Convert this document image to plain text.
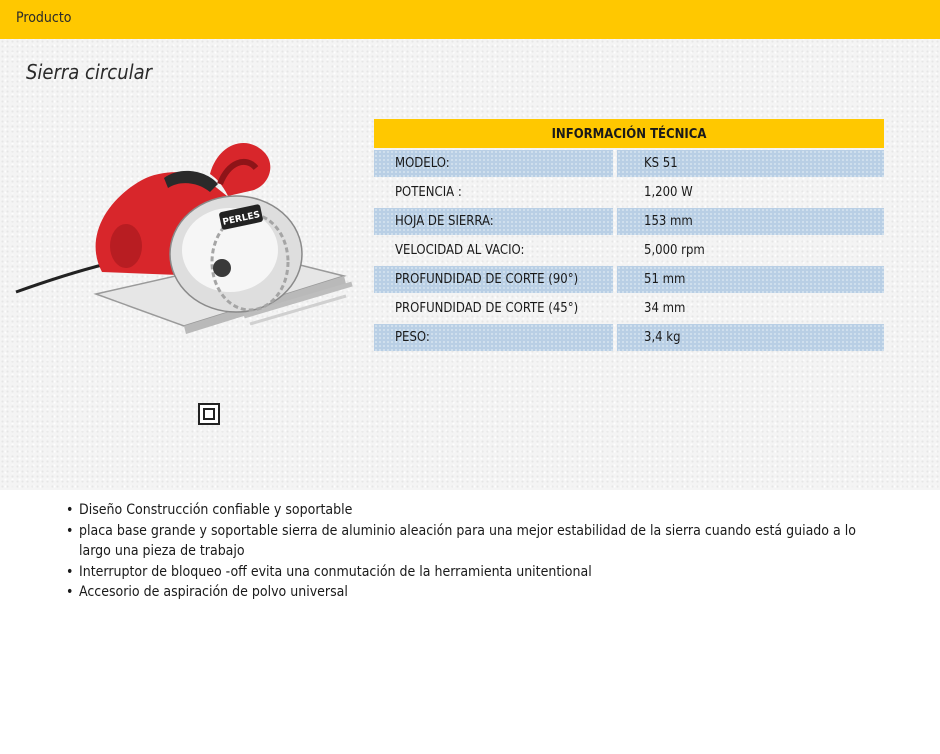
Producto
Sierra circular
PERLES
INFORMACIÓN TÉCNICA
MODELO:	KS 51
POTENCIA :	1,200 W
HOJA DE SIERRA:	153 mm
VELOCIDAD AL VACIO:	5,000 rpm
PROFUNDIDAD DE CORTE (90°)	51 mm
PROFUNDIDAD DE CORTE (45°)	34 mm
PESO:	3,4 kg
• Diseño Construcción confiable y soportable
• placa base grande y soportable sierra de aluminio aleación para una mejor estabilidad de la sierra cuando está guiado a lo largo una pieza de trabajo
• Interruptor de bloqueo -off evita una conmutación de la herramienta unitentional
• Accesorio de aspiración de polvo universal
